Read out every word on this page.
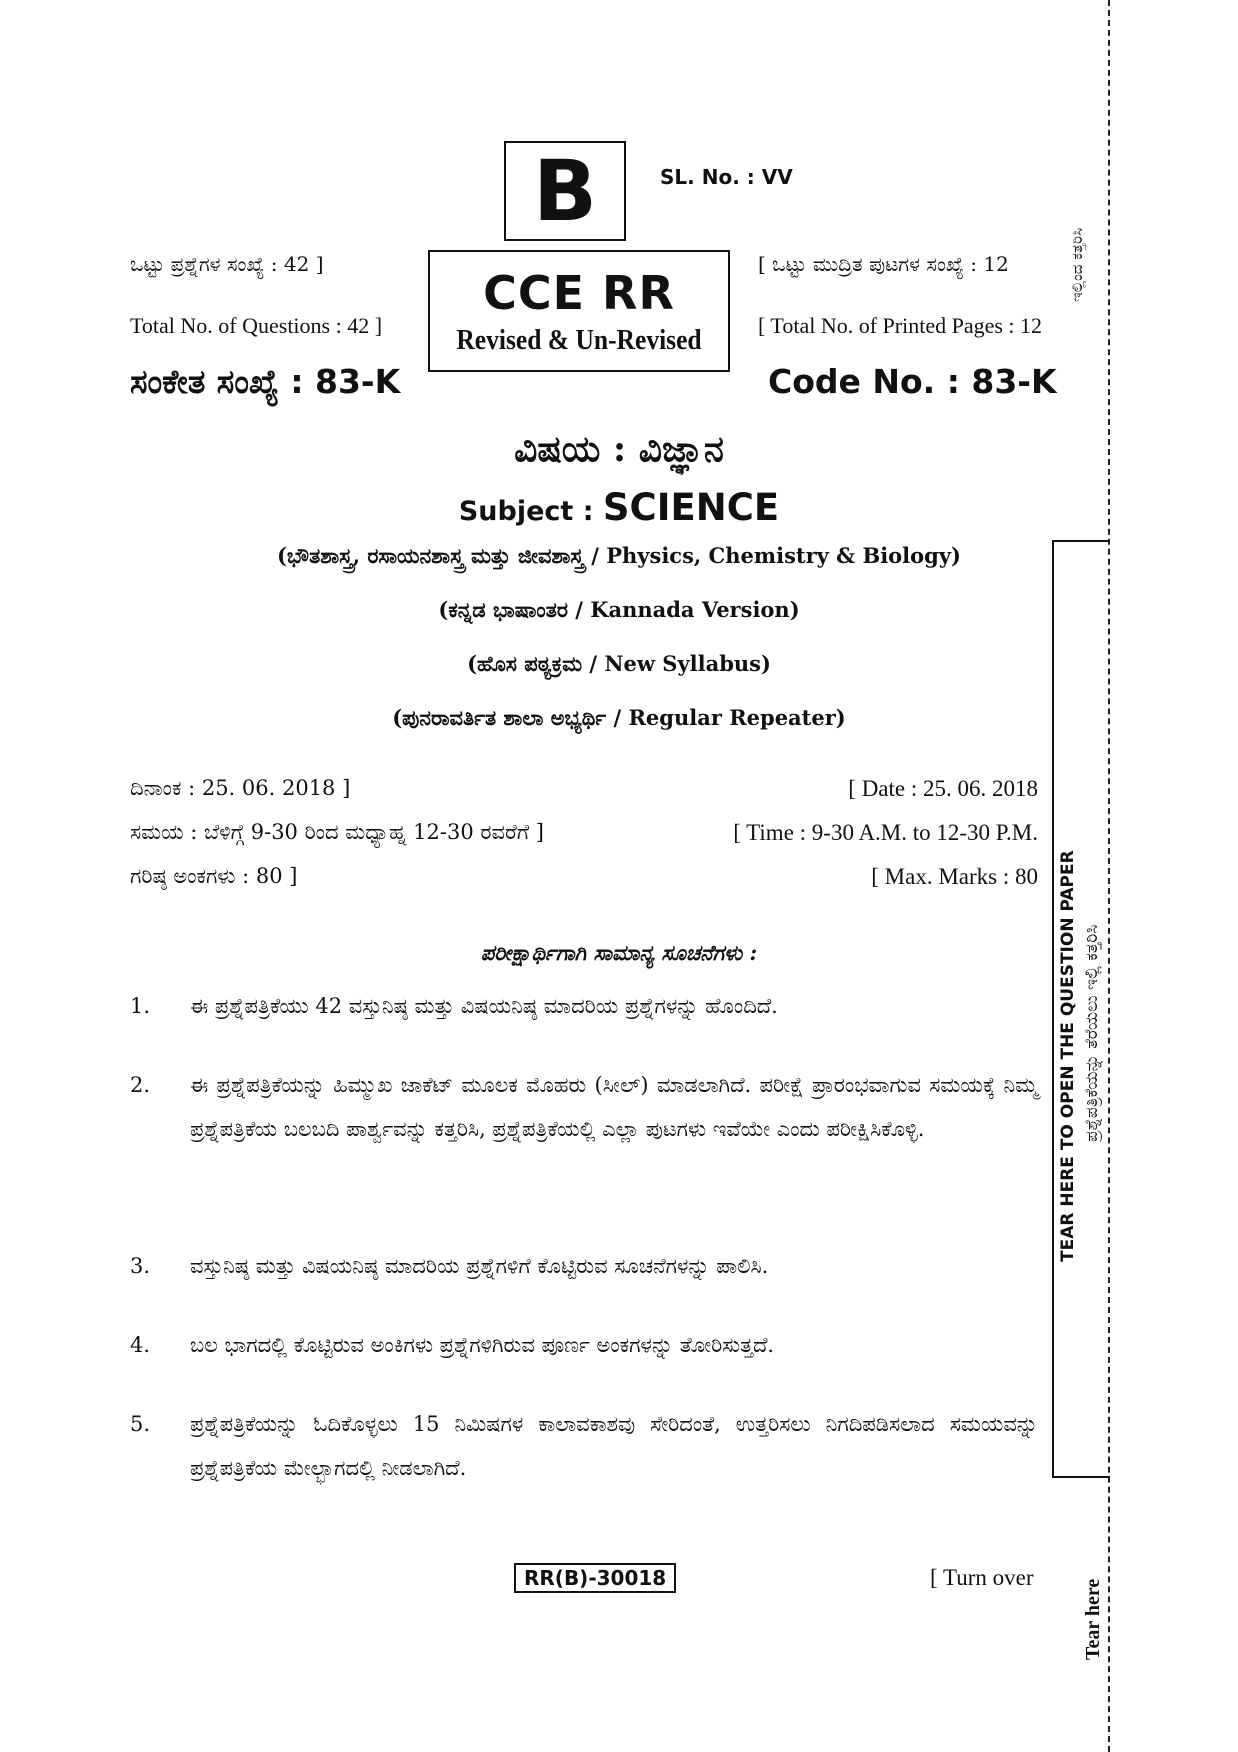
B	SL. No. : VV
ಒಟ್ಟು ಪ್ರಶ್ನೆಗಳ ಸಂಖ್ಯೆ : 42 ]
Total No. of Questions : 42 ]
ಸಂಕೇತ ಸಂಖ್ಯೆ : 83-K
CCE RR
Revised & Un-Revised
[ ಒಟ್ಟು ಮುದ್ರಿತ ಪುಟಗಳ ಸಂಖ್ಯೆ : 12
[ Total No. of Printed Pages : 12
Code No. : 83-K
ವಿಷಯ : ವಿಜ್ಞಾನ
Subject : SCIENCE
(ಭೌತಶಾಸ್ತ್ರ, ರಸಾಯನಶಾಸ್ತ್ರ ಮತ್ತು ಜೀವಶಾಸ್ತ್ರ / Physics, Chemistry & Biology)
(ಕನ್ನಡ ಭಾಷಾಂತರ / Kannada Version)
(ಹೊಸ ಪಠ್ಯಕ್ರಮ / New Syllabus)
(ಪುನರಾವರ್ತಿತ ಶಾಲಾ ಅಭ್ಯರ್ಥಿ / Regular Repeater)
ದಿನಾಂಕ : 25. 06. 2018 ]
ಸಮಯ : ಬೆಳಿಗ್ಗೆ 9-30 ರಿಂದ ಮಧ್ಯಾಹ್ನ 12-30 ರವರೆಗೆ ]
ಗರಿಷ್ಠ ಅಂಕಗಳು : 80 ]
[ Date : 25. 06. 2018
[ Time : 9-30 A.M. to 12-30 P.M.
[ Max. Marks : 80
ಪರೀಕ್ಷಾರ್ಥಿಗಾಗಿ ಸಾಮಾನ್ಯ ಸೂಚನೆಗಳು :
1. ಈ ಪ್ರಶ್ನೆಪತ್ರಿಕೆಯು 42 ವಸ್ತುನಿಷ್ಠ ಮತ್ತು ವಿಷಯನಿಷ್ಠ ಮಾದರಿಯ ಪ್ರಶ್ನೆಗಳನ್ನು ಹೊಂದಿದೆ.
2. ಈ ಪ್ರಶ್ನೆಪತ್ರಿಕೆಯನ್ನು ಹಿಮ್ಮುಖ ಜಾಕೆಟ್ ಮೂಲಕ ಮೊಹರು (ಸೀಲ್) ಮಾಡಲಾಗಿದೆ. ಪರೀಕ್ಷೆ ಪ್ರಾರಂಭವಾಗುವ ಸಮಯಕ್ಕೆ ನಿಮ್ಮ ಪ್ರಶ್ನೆಪತ್ರಿಕೆಯ ಬಲಬದಿ ಪಾರ್ಶ್ವವನ್ನು ಕತ್ತರಿಸಿ, ಪ್ರಶ್ನೆಪತ್ರಿಕೆಯಲ್ಲಿ ಎಲ್ಲಾ ಪುಟಗಳು ಇವೆಯೇ ಎಂದು ಪರೀಕ್ಷಿಸಿಕೊಳ್ಳಿ.
3. ವಸ್ತುನಿಷ್ಠ ಮತ್ತು ವಿಷಯನಿಷ್ಠ ಮಾದರಿಯ ಪ್ರಶ್ನೆಗಳಿಗೆ ಕೊಟ್ಟಿರುವ ಸೂಚನೆಗಳನ್ನು ಪಾಲಿಸಿ.
4. ಬಲ ಭಾಗದಲ್ಲಿ ಕೊಟ್ಟಿರುವ ಅಂಕಿಗಳು ಪ್ರಶ್ನೆಗಳಿಗಿರುವ ಪೂರ್ಣ ಅಂಕಗಳನ್ನು ತೋರಿಸುತ್ತದೆ.
5. ಪ್ರಶ್ನೆಪತ್ರಿಕೆಯನ್ನು ಓದಿಕೊಳ್ಳಲು 15 ನಿಮಿಷಗಳ ಕಾಲಾವಕಾಶವು ಸೇರಿದಂತೆ, ಉತ್ತರಿಸಲು ನಿಗದಿಪಡಿಸಲಾದ ಸಮಯವನ್ನು ಪ್ರಶ್ನೆಪತ್ರಿಕೆಯ ಮೇಲ್ಭಾಗದಲ್ಲಿ ನೀಡಲಾಗಿದೆ.
RR(B)-30018	[ Turn over
ಇಲ್ಲಿಂದ ಕತ್ತರಿಸಿ
TEAR HERE TO OPEN THE QUESTION PAPER ಪ್ರಶ್ನೆಪತ್ರಿಕೆಯನ್ನು ತೆರೆಯಲು ಇಲ್ಲಿ ಕತ್ತರಿಸಿ
Tear here
